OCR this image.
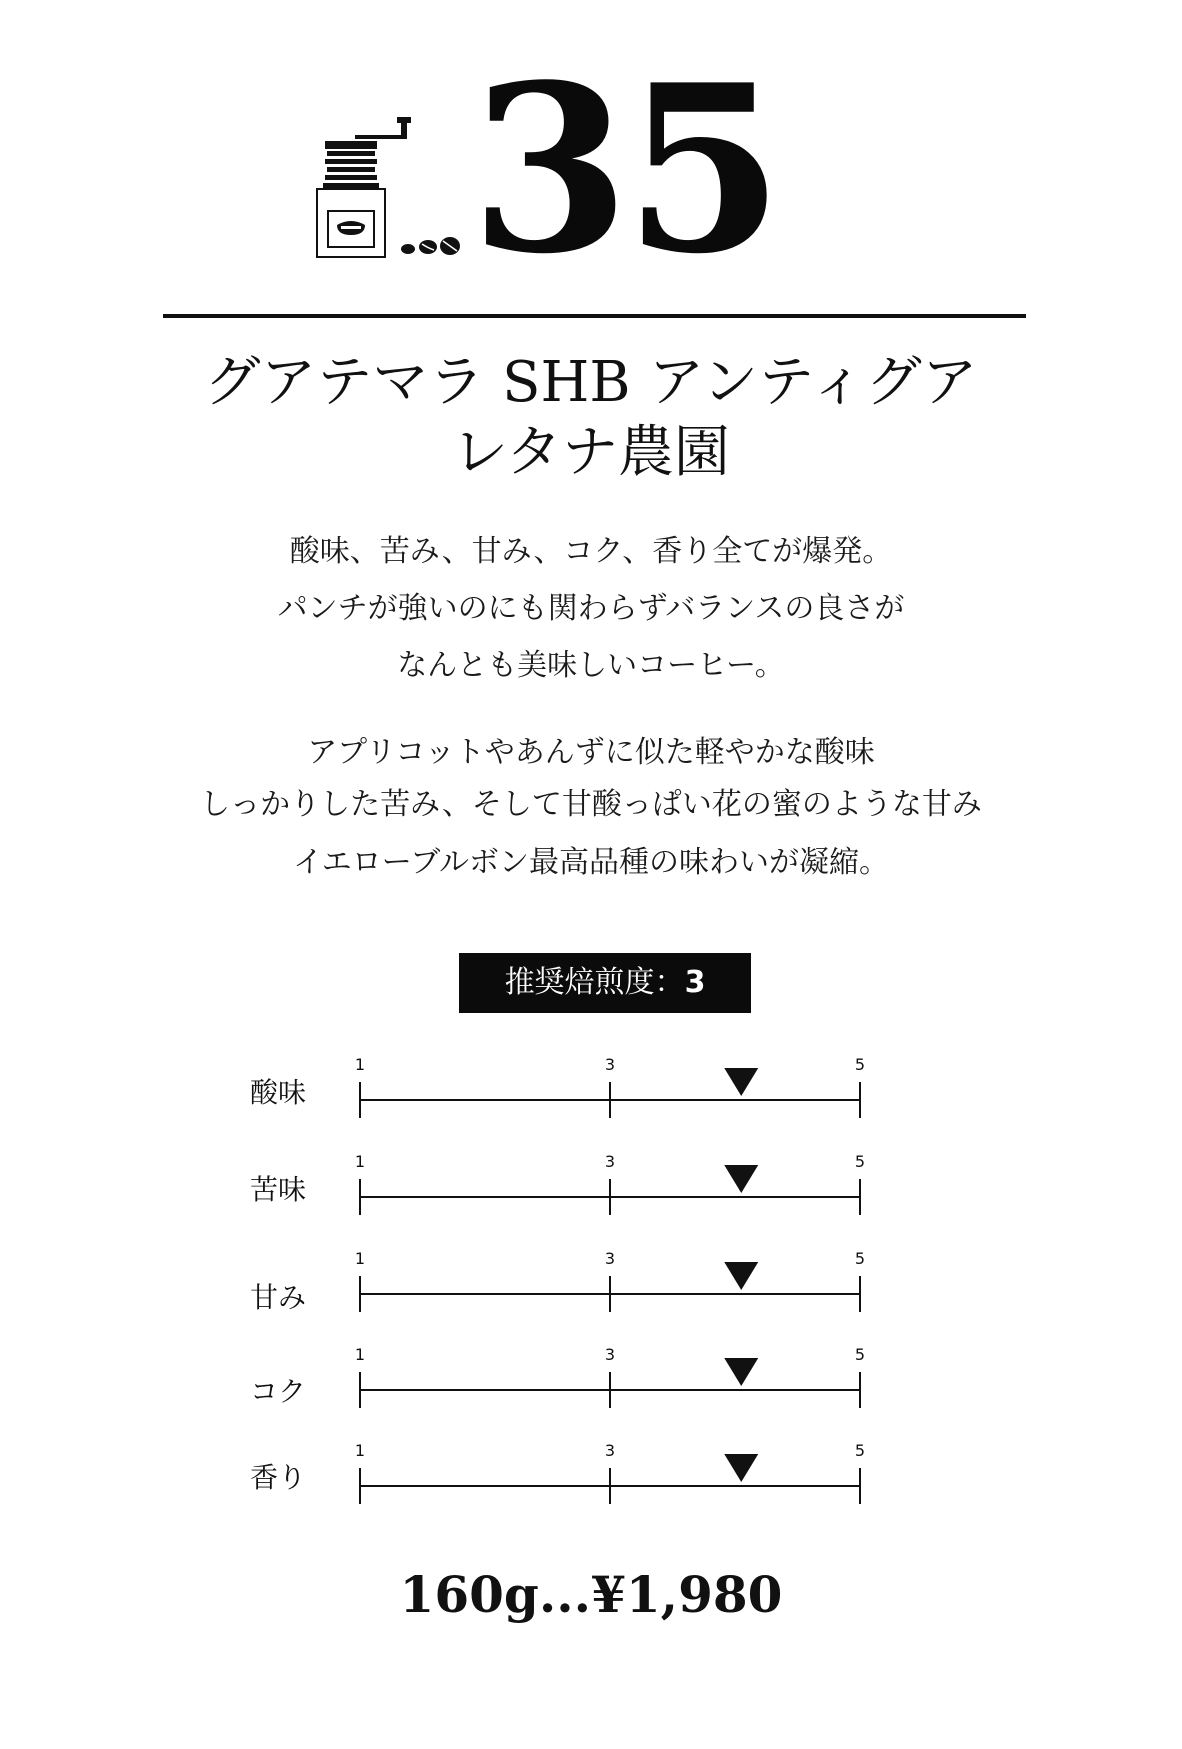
35
グアテマラ SHB アンティグア
レタナ農園
酸味、苦み、甘み、コク、香り全てが爆発。
パンチが強いのにも関わらずバランスの良さが
なんとも美味しいコーヒー。
アプリコットやあんずに似た軽やかな酸味
しっかりした苦み、そして甘酸っぱい花の蜜のような甘み
イエローブルボン最高品種の味わいが凝縮。
推奨焙煎度：3
酸味
1	3	5
苦味
1	3	5
甘み
1	3	5
コク
1	3	5
香り
1	3	5
160g...¥1,980
